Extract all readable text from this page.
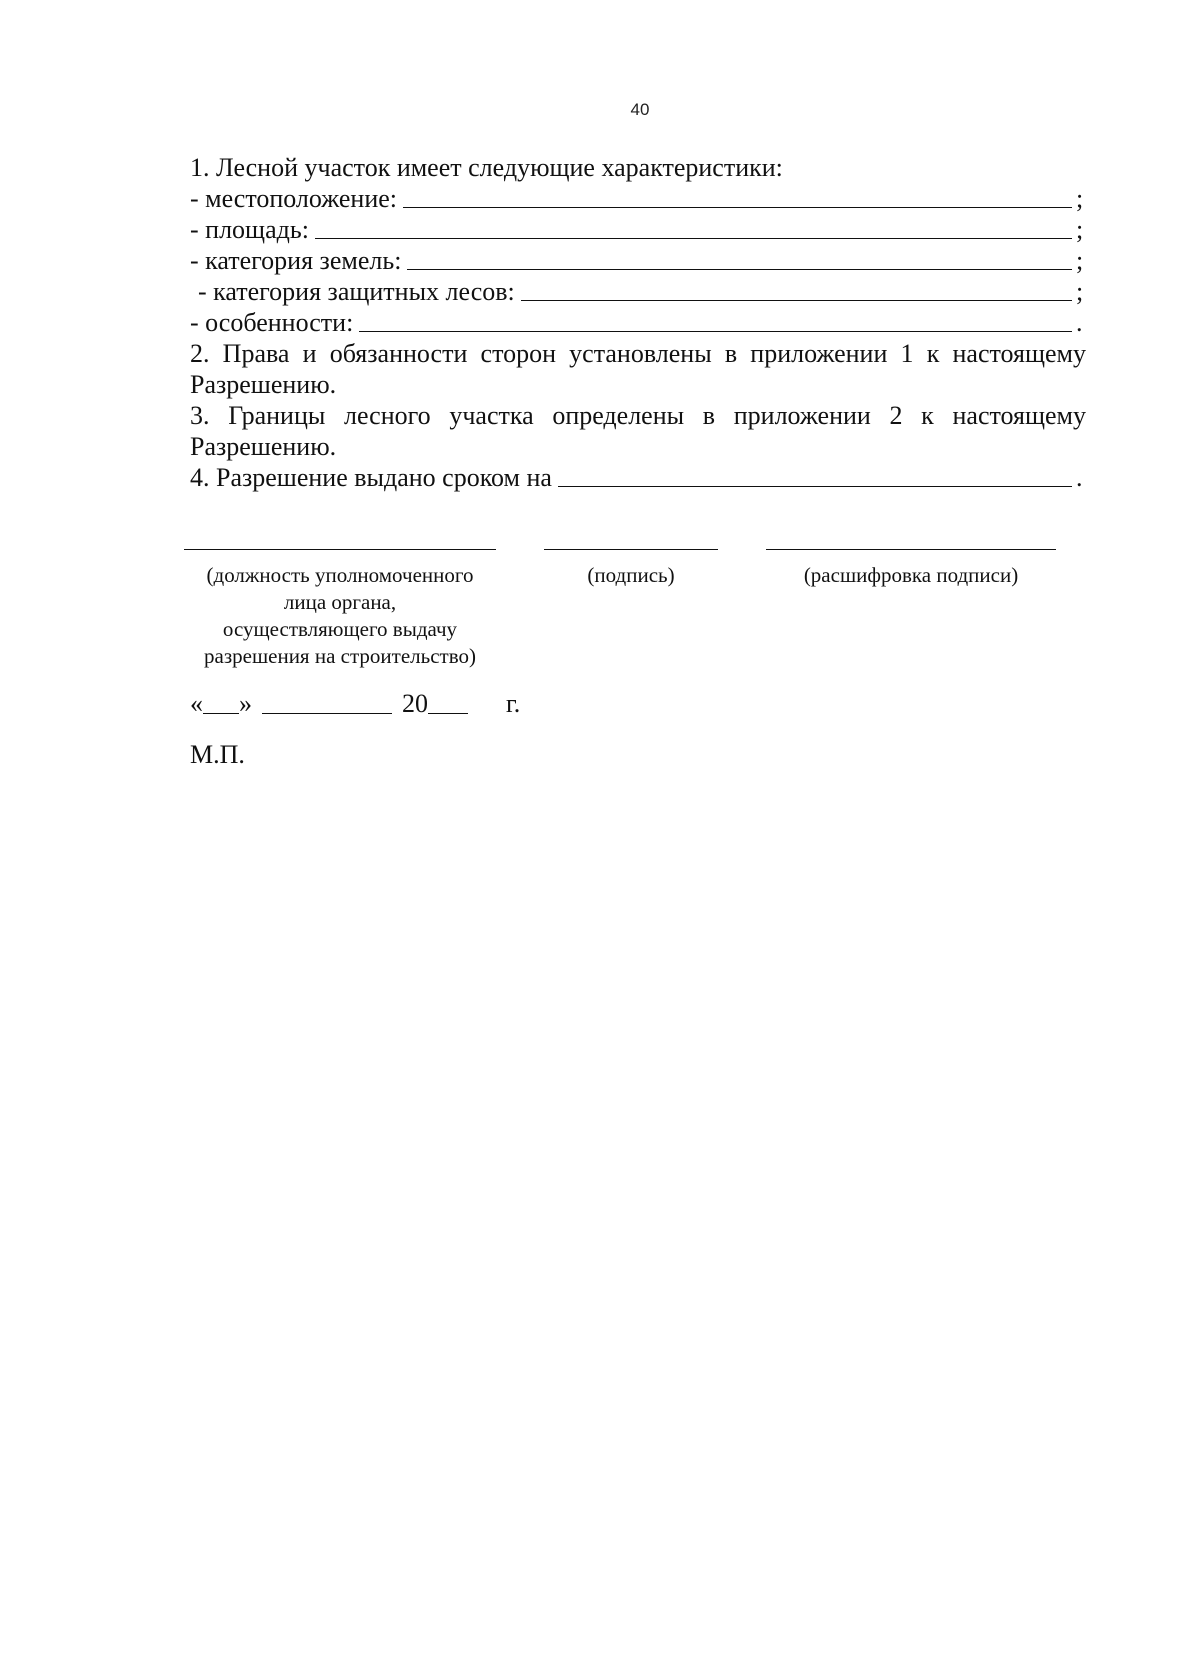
40
1. Лесной участок имеет следующие характеристики:
- местоположение:	;
- площадь:	;
- категория земель:	;
- категория защитных лесов:	;
- особенности:	.
2. Права и обязанности сторон установлены в приложении 1 к настоящему
Разрешению.
3. Границы лесного участка определены в приложении 2 к настоящему
Разрешению.
4. Разрешение выдано сроком на	.
(должность уполномоченного
лица органа,
осуществляющего выдачу
разрешения на строительство)
(подпись)	(расшифровка подписи)
« »	20	г.
М.П.
